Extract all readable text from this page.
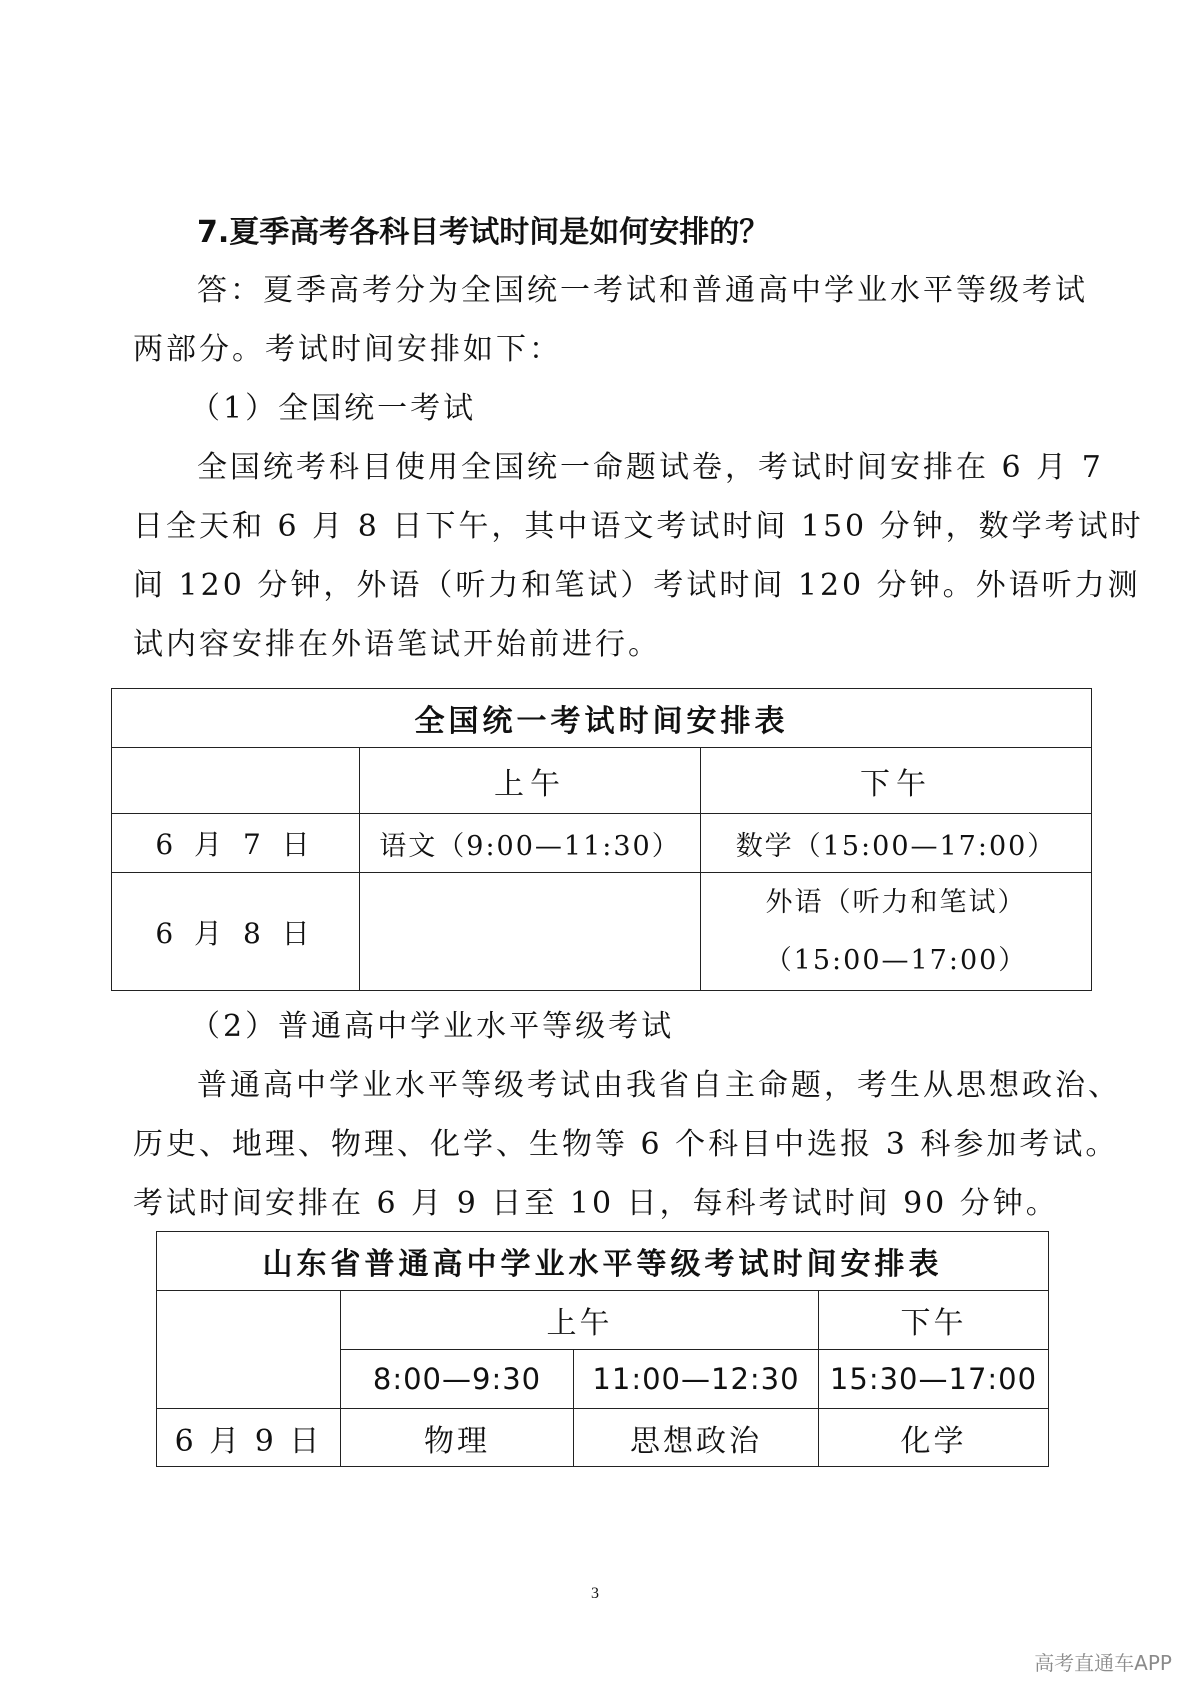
7.夏季高考各科目考试时间是如何安排的？
答：夏季高考分为全国统一考试和普通高中学业水平等级考试
两部分。考试时间安排如下：
（1）全国统一考试
全国统考科目使用全国统一命题试卷，考试时间安排在 6 月 7
日全天和 6 月 8 日下午，其中语文考试时间 150 分钟，数学考试时
间 120 分钟，外语（听力和笔试）考试时间 120 分钟。外语听力测
试内容安排在外语笔试开始前进行。
全国统一考试时间安排表		
	上午	下午
6 月 7 日	语文（9:00—11:30）	数学（15:00—17:00）
6 月 8 日		外语（听力和笔试）
（15:00—17:00）
（2）普通高中学业水平等级考试
普通高中学业水平等级考试由我省自主命题，考生从思想政治、
历史、地理、物理、化学、生物等 6 个科目中选报 3 科参加考试。
考试时间安排在 6 月 9 日至 10 日，每科考试时间 90 分钟。
山东省普通高中学业水平等级考试时间安排表			
	上午		下午
	8:00—9:30	11:00—12:30	15:30—17:00
6 月 9 日	物理	思想政治	化学
3
高考直通车APP
